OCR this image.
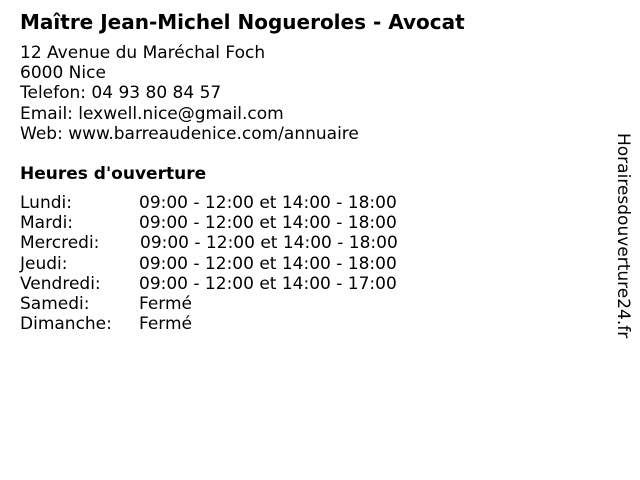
Maître Jean-Michel Nogueroles - Avocat
12 Avenue du Maréchal Foch
6000 Nice
Telefon: 04 93 80 84 57
Email: lexwell.nice@gmail.com
Web: www.barreaudenice.com/annuaire
Heures d'ouverture
Lundi:	09:00 - 12:00 et 14:00 - 18:00
Mardi:	09:00 - 12:00 et 14:00 - 18:00
Mercredi:	09:00 - 12:00 et 14:00 - 18:00
Jeudi:	09:00 - 12:00 et 14:00 - 18:00
Vendredi:	09:00 - 12:00 et 14:00 - 17:00
Samedi:	Fermé
Dimanche:	Fermé	Horairesdouverture24.fr
